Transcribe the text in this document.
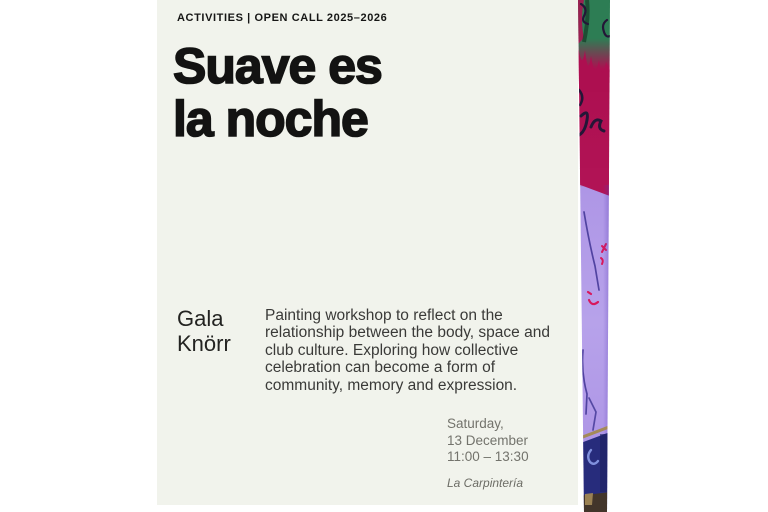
ACTIVITIES | OPEN CALL 2025–2026
Suave es
la noche
Gala
Knörr
Painting workshop to reflect on the
relationship between the body, space and
club culture. Exploring how collective
celebration can become a form of
community, memory and expression.
Saturday,
13 December
11:00 – 13:30
La Carpintería
